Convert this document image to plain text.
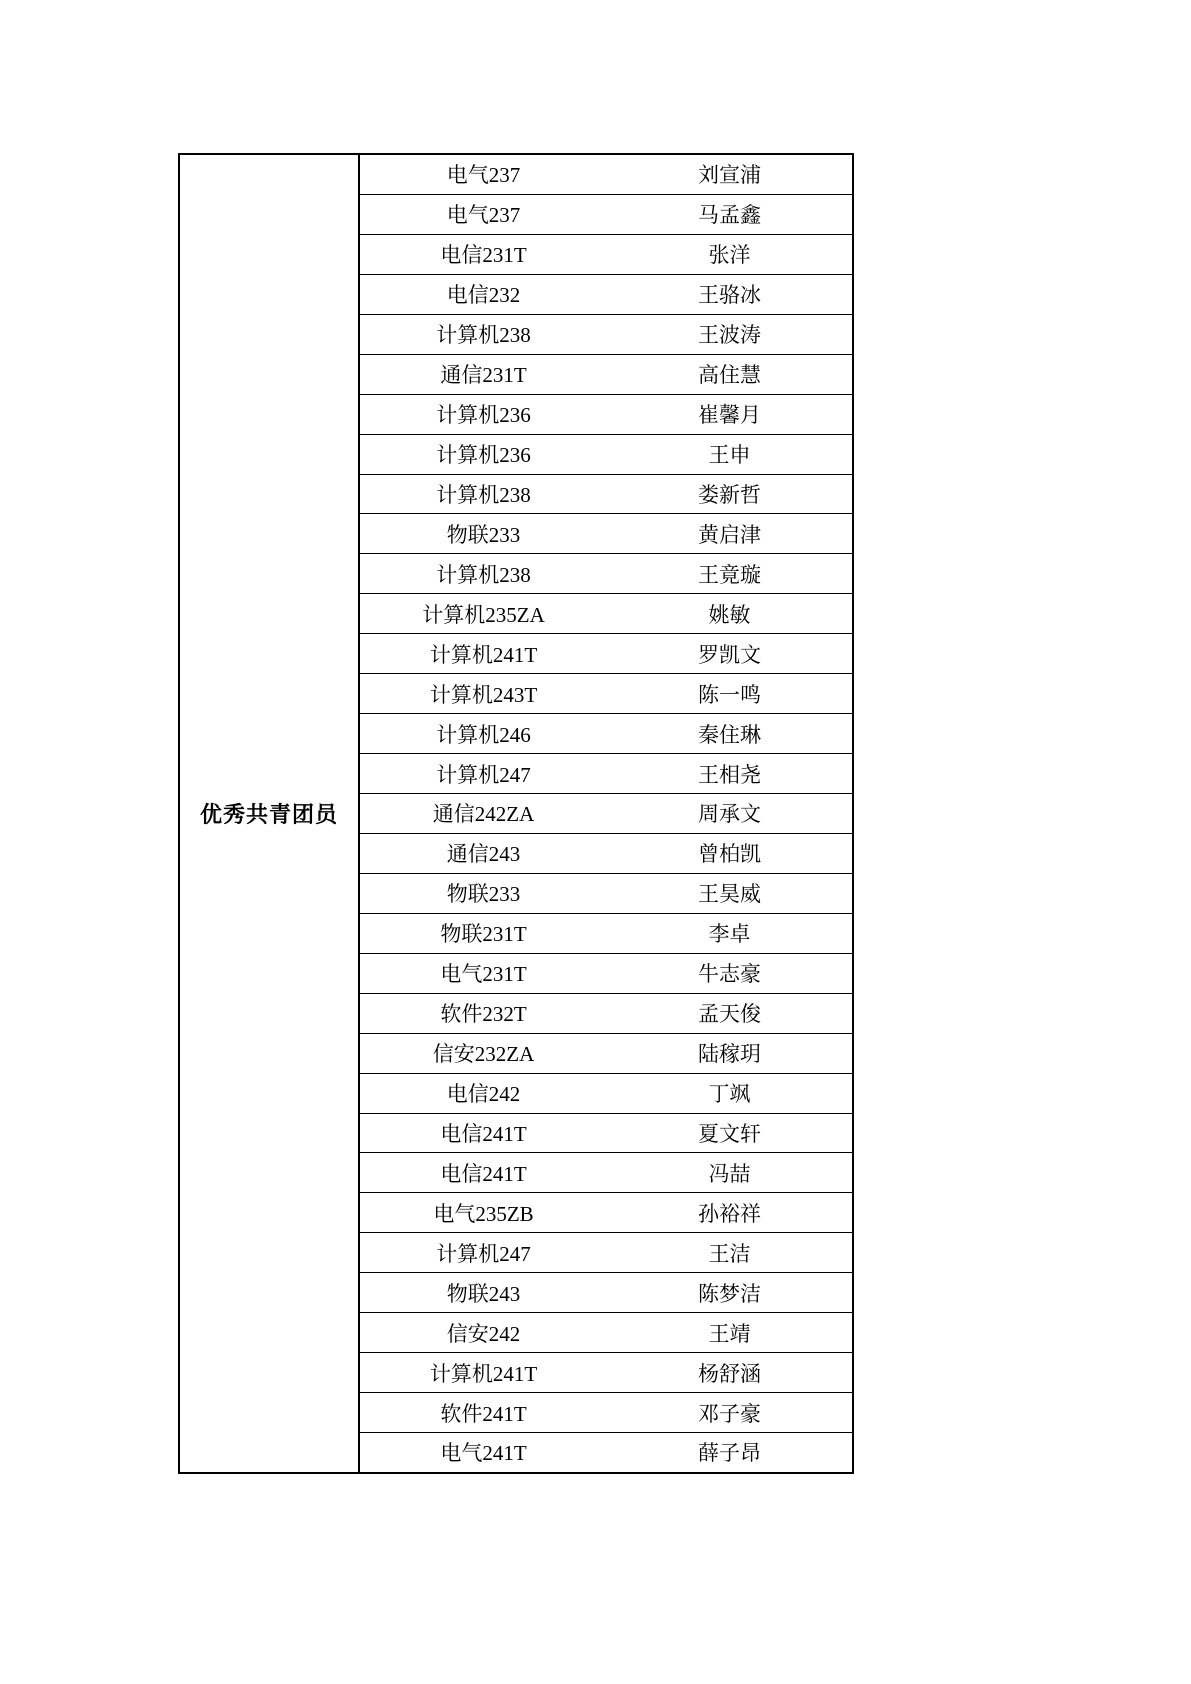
优秀共青团员
电气237	刘宣浦
电气237	马孟鑫
电信231T	张洋
电信232	王骆冰
计算机238	王波涛
通信231T	高住慧
计算机236	崔馨月
计算机236	王申
计算机238	娄新哲
物联233	黄启津
计算机238	王竟璇
计算机235ZA	姚敏
计算机241T	罗凯文
计算机243T	陈一鸣
计算机246	秦住琳
计算机247	王相尧
通信242ZA	周承文
通信243	曾柏凯
物联233	王昊威
物联231T	李卓
电气231T	牛志豪
软件232T	孟天俊
信安232ZA	陆稼玥
电信242	丁飒
电信241T	夏文轩
电信241T	冯喆
电气235ZB	孙裕祥
计算机247	王洁
物联243	陈梦洁
信安242	王靖
计算机241T	杨舒涵
软件241T	邓子豪
电气241T	薛子昂
